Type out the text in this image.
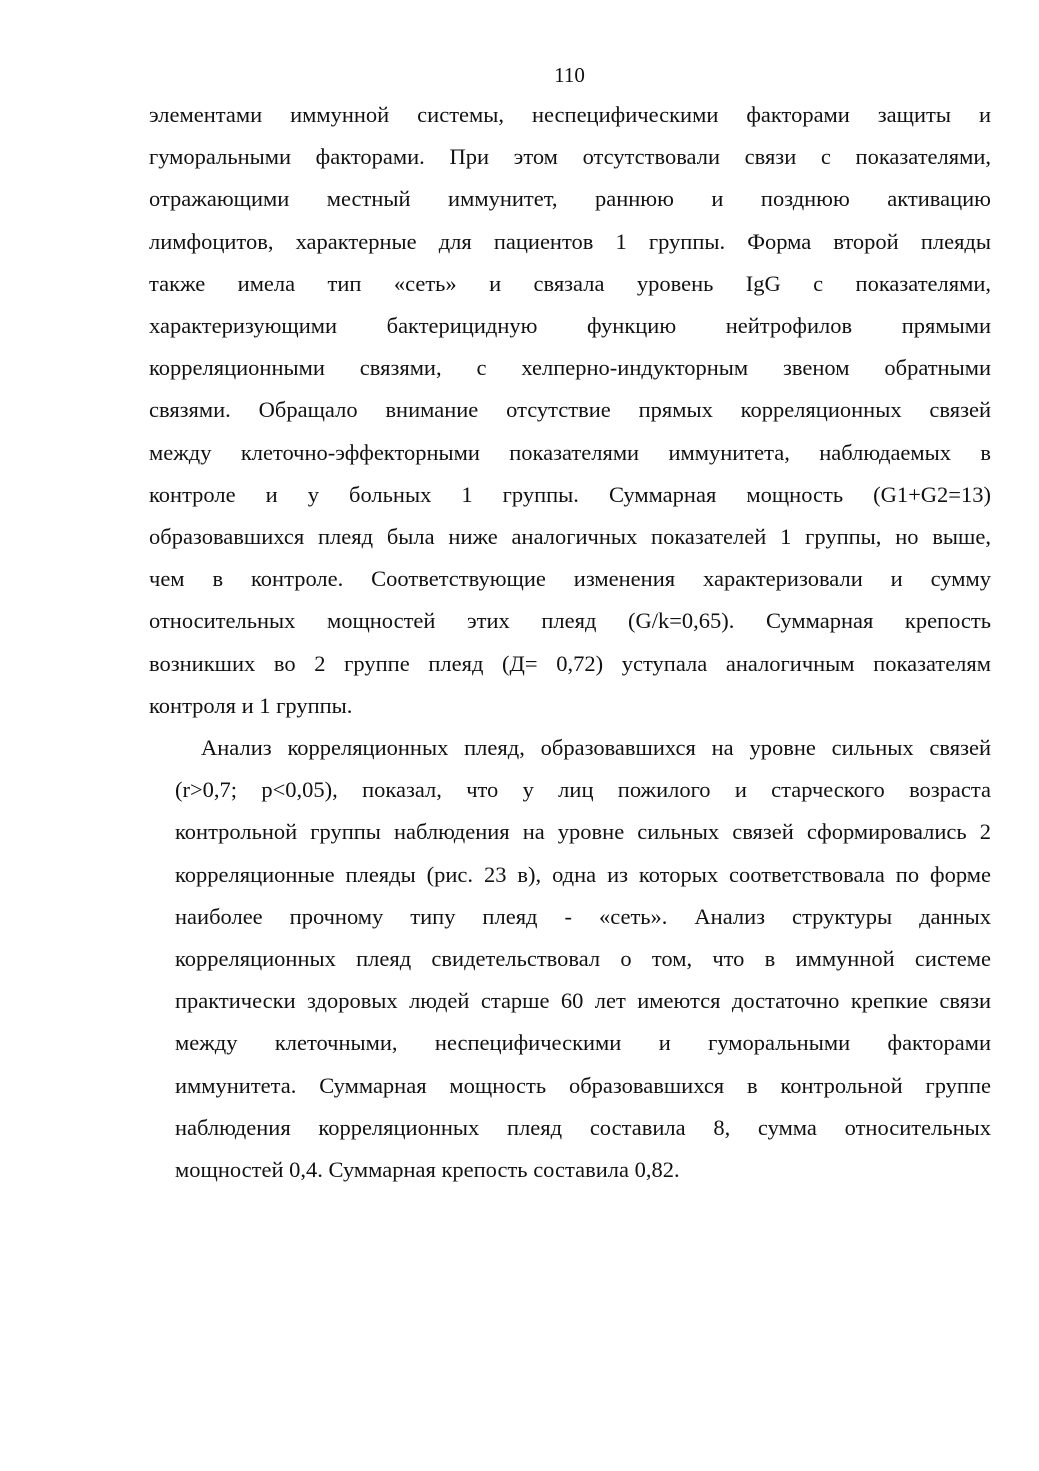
110

элементами иммунной системы, неспецифическими факторами защиты и
гуморальными факторами. При этом отсутствовали связи с показателями,
отражающими местный иммунитет, раннюю и позднюю активацию
лимфоцитов, характерные для пациентов 1 группы. Форма второй плеяды
также имела тип «сеть» и связала уровень IgG с показателями,
характеризующими бактерицидную функцию нейтрофилов прямыми
корреляционными связями, с хелперно-индукторным звеном обратными
связями. Обращало внимание отсутствие прямых корреляционных связей
между клеточно-эффекторными показателями иммунитета, наблюдаемых в
контроле и у больных 1 группы. Суммарная мощность (G1+G2=13)
образовавшихся плеяд была ниже аналогичных показателей 1 группы, но выше,
чем в контроле. Соответствующие изменения характеризовали и сумму
относительных мощностей этих плеяд (G/k=0,65). Суммарная крепость
возникших во 2 группе плеяд (Д= 0,72) уступала аналогичным показателям
контроля и 1 группы.

Анализ корреляционных плеяд, образовавшихся на уровне сильных связей
(r>0,7; p<0,05), показал, что у лиц пожилого и старческого возраста
контрольной группы наблюдения на уровне сильных связей сформировались 2
корреляционные плеяды (рис. 23 в), одна из которых соответствовала по форме
наиболее прочному типу плеяд - «сеть». Анализ структуры данных
корреляционных плеяд свидетельствовал о том, что в иммунной системе
практически здоровых людей старше 60 лет имеются достаточно крепкие связи
между клеточными, неспецифическими и гуморальными факторами
иммунитета. Суммарная мощность образовавшихся в контрольной группе
наблюдения корреляционных плеяд составила 8, сумма относительных
мощностей 0,4. Суммарная крепость составила 0,82.
